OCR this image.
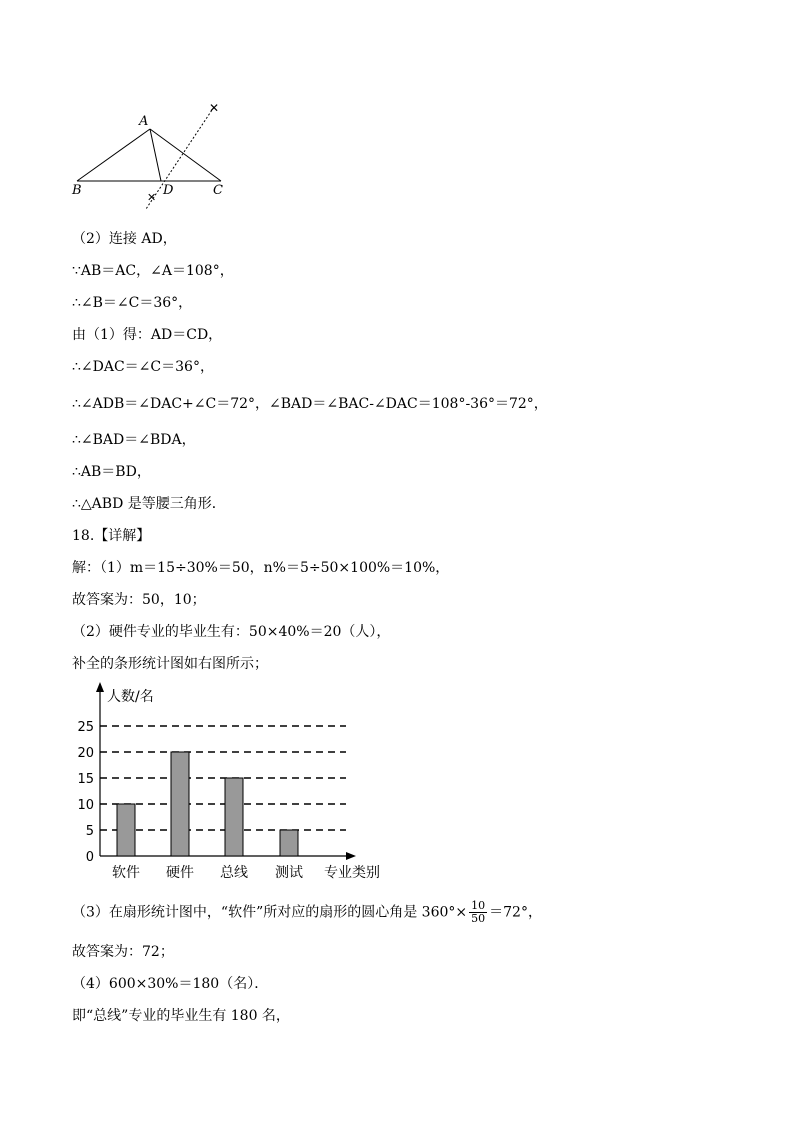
✕
✕
A
B	D	C
（2）连接 AD，
∵AB＝AC，∠A＝108°，
∴∠B＝∠C＝36°，
由（1）得：AD＝CD，
∴∠DAC＝∠C＝36°，
∴∠ADB＝∠DAC+∠C＝72°，∠BAD＝∠BAC-∠DAC＝108°-36°＝72°，
∴∠BAD＝∠BDA，
∴AB＝BD，
∴△ABD 是等腰三角形．
18.【详解】
解：（1）m＝15÷30%＝50，n%＝5÷50×100%＝10%，
故答案为：50，10；
（2）硬件专业的毕业生有：50×40%＝20（人），
补全的条形统计图如右图所示；
0
5
10
15
20
25
软件 硬件 总线 测试
人数/名
专业类别
（3）在扇形统计图中，“软件”所对应的扇形的圆心角是 $360^\circ\times \frac{10}{50} =72^\circ$，
故答案为：72；
（4）600×30%＝180（名）．
即“总线”专业的毕业生有 180 名，
